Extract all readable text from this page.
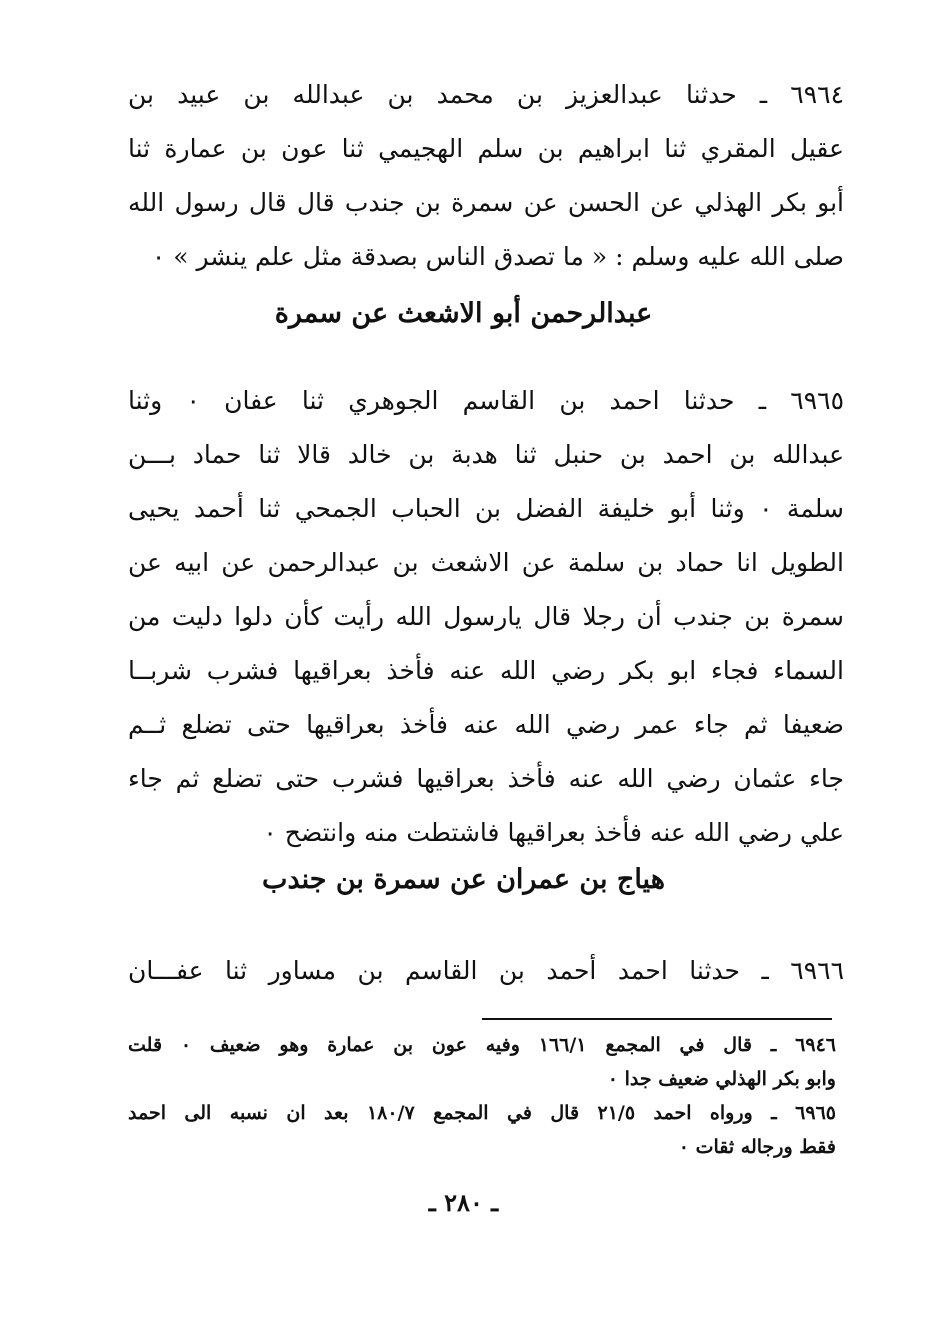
٦٩٦٤ ـ حدثنا عبدالعزيز بن محمد بن عبدالله بن عبيد بن
عقيل المقري ثنا ابراهيم بن سلم الهجيمي ثنا عون بن عمارة ثنا
أبو بكر الهذلي عن الحسن عن سمرة بن جندب قال قال رسول الله
صلى الله عليه وسلم : « ما تصدق الناس بصدقة مثل علم ينشر » ٠
عبدالرحمن أبو الاشعث عن سمرة
٦٩٦٥ ـ حدثنا احمد بن القاسم الجوهري ثنا عفان ٠ وثنا
عبدالله بن احمد بن حنبل ثنا هدبة بن خالد قالا ثنا حماد بـــن
سلمة ٠ وثنا أبو خليفة الفضل بن الحباب الجمحي ثنا أحمد يحيى
الطويل انا حماد بن سلمة عن الاشعث بن عبدالرحمن عن ابيه عن
سمرة بن جندب أن رجلا قال يارسول الله رأيت كأن دلوا دليت من
السماء فجاء ابو بكر رضي الله عنه فأخذ بعراقيها فشرب شربــا
ضعيفا ثم جاء عمر رضي الله عنه فأخذ بعراقيها حتى تضلع ثــم
جاء عثمان رضي الله عنه فأخذ بعراقيها فشرب حتى تضلع ثم جاء
علي رضي الله عنه فأخذ بعراقيها فاشتطت منه وانتضح ٠
هياج بن عمران عن سمرة بن جندب
٦٩٦٦ ـ حدثنا احمد أحمد بن القاسم بن مساور ثنا عفـــان
٦٩٤٦ ـ قال في المجمع ١٦٦/١ وفيه عون بن عمارة وهو ضعيف ٠ قلت
وابو بكر الهذلي ضعيف جدا ٠
٦٩٦٥ ـ ورواه احمد ٢١/٥ قال في المجمع ١٨٠/٧ بعد ان نسبه الى احمد
فقط ورجاله ثقات ٠
ـ ٢٨٠ ـ
